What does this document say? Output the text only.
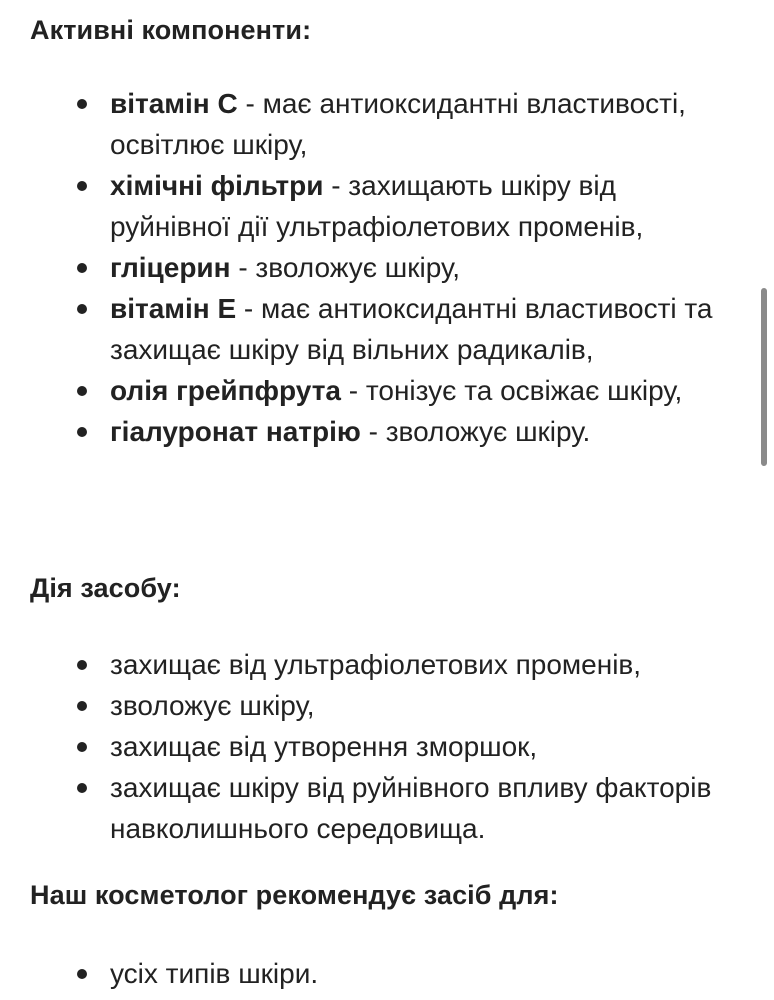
Активні компоненти:
вітамін C - має антиоксидантні властивості, освітлює шкіру,
хімічні фільтри - захищають шкіру від руйнівної дії ультрафіолетових променів,
гліцерин - зволожує шкіру,
вітамін E - має антиоксидантні властивості та захищає шкіру від вільних радикалів,
олія грейпфрута - тонізує та освіжає шкіру,
гіалуронат натрію - зволожує шкіру.
Дія засобу:
захищає від ультрафіолетових променів,
зволожує шкіру,
захищає від утворення зморшок,
захищає шкіру від руйнівного впливу факторів навколишнього середовища.
Наш косметолог рекомендує засіб для:
усіх типів шкіри.
